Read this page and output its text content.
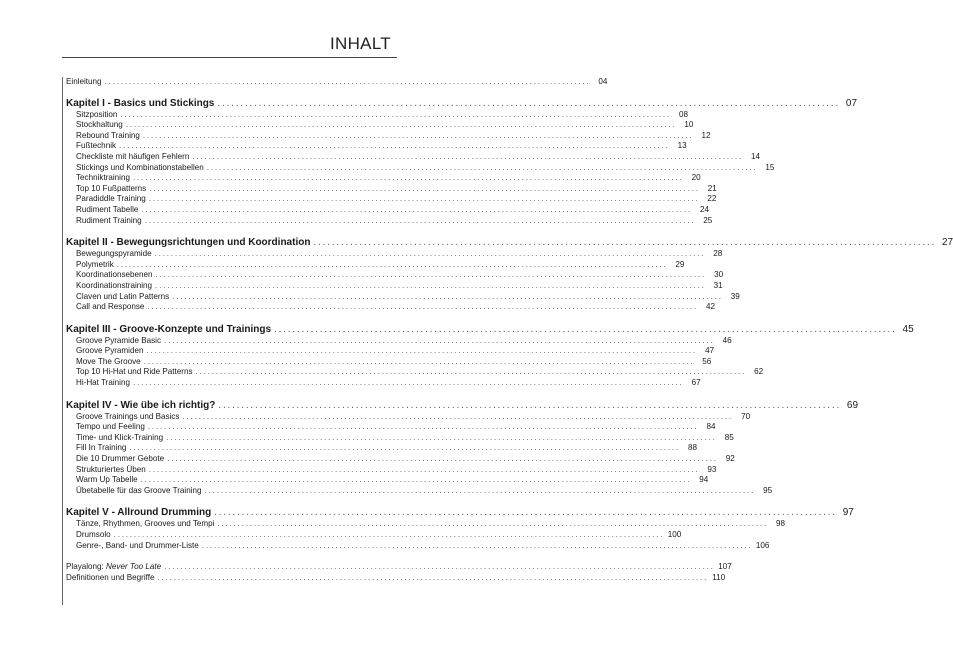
INHALT
Einleitung ........................................................................................................................ 04
Kapitel I - Basics und Stickings ........................................................................................................................................ 07
Sitzposition ........................................................................................................................................ 08
Stockhaltung ........................................................................................................................................ 10
Rebound Training ........................................................................................................................................ 12
Fußtechnik ........................................................................................................................................ 13
Checkliste mit häufigen Fehlern ........................................................................................................................................ 14
Stickings und Kombinationstabellen ........................................................................................................................................ 15
Techniktraining ........................................................................................................................................ 20
Top 10 Fußpatterns ........................................................................................................................................ 21
Paradiddle Training ........................................................................................................................................ 22
Rudiment Tabelle ........................................................................................................................................ 24
Rudiment Training ........................................................................................................................................ 25
Kapitel II - Bewegungsrichtungen und Koordination ........................................................................................................................................ 27
Bewegungspyramide ........................................................................................................................................ 28
Polymetrik ........................................................................................................................................ 29
Koordinationsebenen ........................................................................................................................................ 30
Koordinationstraining ........................................................................................................................................ 31
Claven und Latin Patterns ........................................................................................................................................ 39
Call and Response ........................................................................................................................................ 42
Kapitel III - Groove-Konzepte und Trainings ........................................................................................................................................ 45
Groove Pyramide Basic ........................................................................................................................................ 46
Groove Pyramiden ........................................................................................................................................ 47
Move The Groove ........................................................................................................................................ 56
Top 10 Hi-Hat und Ride Patterns ........................................................................................................................................ 62
Hi-Hat Training ........................................................................................................................................ 67
Kapitel IV - Wie übe ich richtig? ........................................................................................................................................ 69
Groove Trainings und Basics ........................................................................................................................................ 70
Tempo und Feeling ........................................................................................................................................ 84
Time- und Klick-Training ........................................................................................................................................ 85
Fill In Training ........................................................................................................................................ 88
Die 10 Drummer Gebote ........................................................................................................................................ 92
Strukturiertes Üben ........................................................................................................................................ 93
Warm Up Tabelle ........................................................................................................................................ 94
Übetabelle für das Groove Training ........................................................................................................................................ 95
Kapitel V - Allround Drumming ........................................................................................................................................ 97
Tänze, Rhythmen, Grooves und Tempi ........................................................................................................................................ 98
Drumsolo ........................................................................................................................................ 100
Genre-, Band- und Drummer-Liste ........................................................................................................................................ 106
Playalong: Never Too Late ........................................................................................................................................ 107
Definitionen und Begriffe ........................................................................................................................................ 110
